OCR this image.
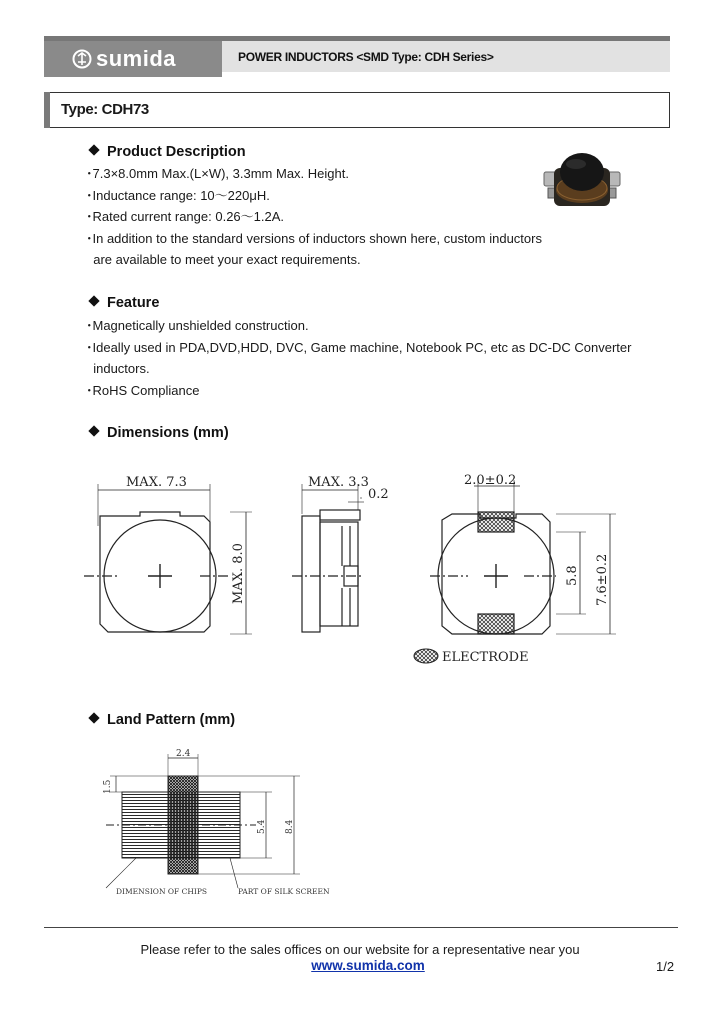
sumida	POWER INDUCTORS <SMD Type: CDH Series>
Type: CDH73
Product Description
･7.3×8.0mm Max.(L×W), 3.3mm Max. Height.
･Inductance range: 10～220μH.
･Rated current range: 0.26～1.2A.
･In addition to the standard versions of inductors shown here, custom inductors
are available to meet your exact requirements.
Feature
･Magnetically unshielded construction.
･Ideally used in PDA,DVD,HDD, DVC, Game machine, Notebook PC, etc as DC-DC Converter
inductors.
･RoHS Compliance
Dimensions (mm)
MAX. 7.3
MAX. 8.0
MAX. 3.3
0.2
2.0±0.2
5.8 7.6±0.2
ELECTRODE
Land Pattern (mm)
2.4
1.5
5.4 8.4
DIMENSION OF CHIPS	PART OF SILK SCREEN
Please refer to the sales offices on our website for a representative near you
www.sumida.com	1/2
